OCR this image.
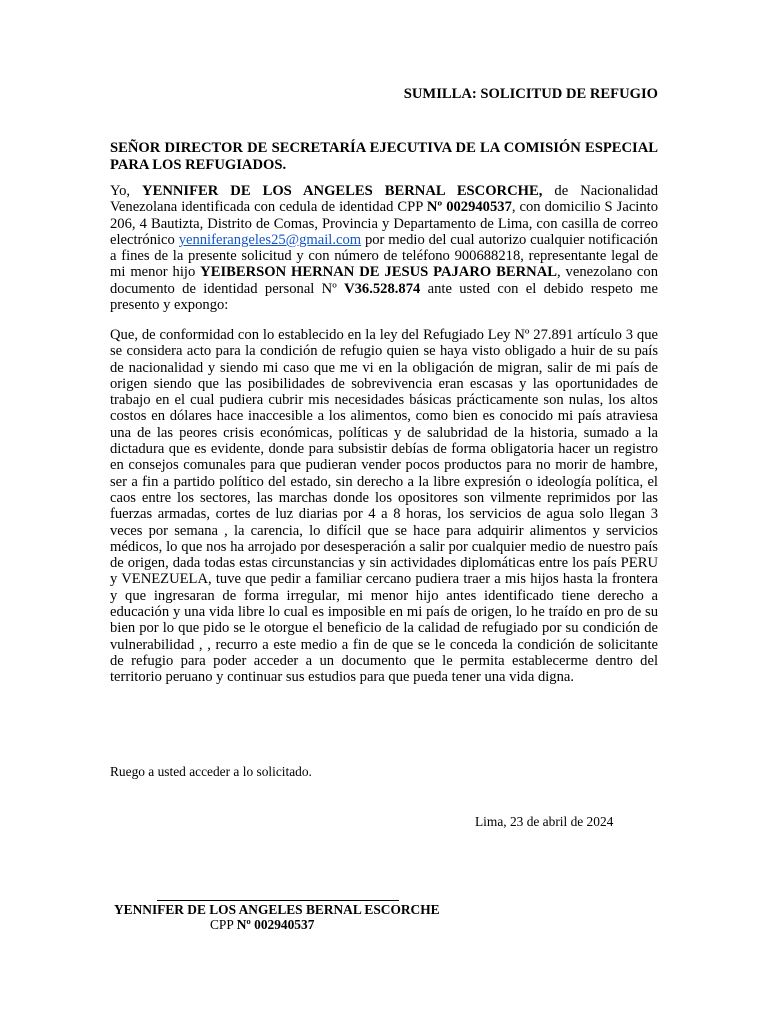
SUMILLA: SOLICITUD DE REFUGIO
SEÑOR DIRECTOR DE SECRETARÍA EJECUTIVA DE LA COMISIÓN ESPECIAL PARA LOS REFUGIADOS.
Yo, YENNIFER DE LOS ANGELES BERNAL ESCORCHE, de Nacionalidad Venezolana identificada con cedula de identidad CPP Nº 002940537, con domicilio S Jacinto 206, 4 Bautizta, Distrito de Comas, Provincia y Departamento de Lima, con casilla de correo electrónico yenniferangeles25@gmail.com por medio del cual autorizo cualquier notificación a fines de la presente solicitud y con número de teléfono 900688218, representante legal de mi menor hijo YEIBERSON HERNAN DE JESUS PAJARO BERNAL, venezolano con documento de identidad personal Nº V36.528.874 ante usted con el debido respeto me presento y expongo:
Que, de conformidad con lo establecido en la ley del Refugiado Ley Nº 27.891 artículo 3 que se considera acto para la condición de refugio quien se haya visto obligado a huir de su país de nacionalidad y siendo mi caso que me vi en la obligación de migran, salir de mi país de origen siendo que las posibilidades de sobrevivencia eran escasas y las oportunidades de trabajo en el cual pudiera cubrir mis necesidades básicas prácticamente son nulas, los altos costos en dólares hace inaccesible a los alimentos, como bien es conocido mi país atraviesa una de las peores crisis económicas, políticas y de salubridad de la historia, sumado a la dictadura que es evidente, donde para subsistir debías de forma obligatoria hacer un registro en consejos comunales para que pudieran vender pocos productos para no morir de hambre, ser a fin a partido político del estado, sin derecho a la libre expresión o ideología política, el caos entre los sectores, las marchas donde los opositores son vilmente reprimidos por las fuerzas armadas, cortes de luz diarias por 4 a 8 horas, los servicios de agua solo llegan 3 veces por semana , la carencia, lo difícil que se hace para adquirir alimentos y servicios médicos, lo que nos ha arrojado por desesperación a salir por cualquier medio de nuestro país de origen, dada todas estas circunstancias y sin actividades diplomáticas entre los país PERU y VENEZUELA, tuve que pedir a familiar cercano pudiera traer a mis hijos hasta la frontera y que ingresaran de forma irregular, mi menor hijo antes identificado tiene derecho a educación y una vida libre lo cual es imposible en mi país de origen, lo he traído en pro de su bien por lo que pido se le otorgue el beneficio de la calidad de refugiado por su condición de vulnerabilidad , , recurro a este medio a fin de que se le conceda la condición de solicitante de refugio para poder acceder a un documento que le permita establecerme dentro del territorio peruano y continuar sus estudios para que pueda tener una vida digna.
Ruego a usted acceder a lo solicitado.
Lima, 23 de abril de 2024
YENNIFER DE LOS ANGELES BERNAL ESCORCHE
CPP Nº 002940537
